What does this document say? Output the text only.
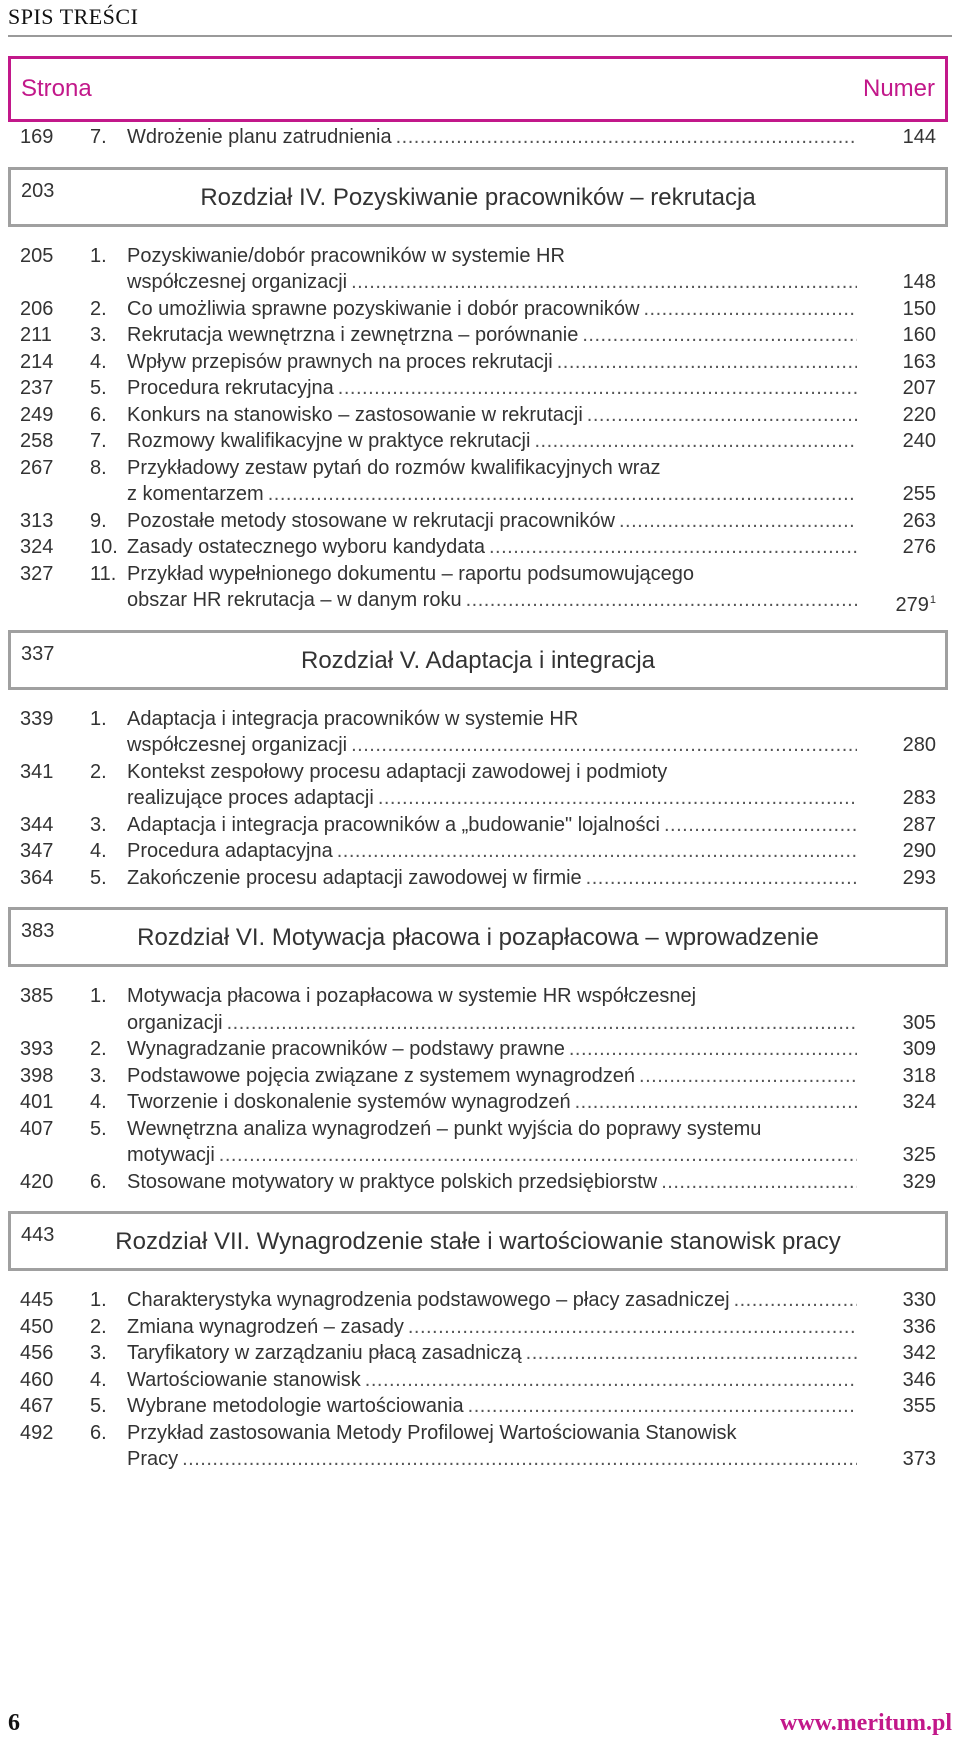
SPIS TREŚCI
Strona	Numer
169 7. Wdrożenie planu zatrudnienia .....	144
203	Rozdział IV. Pozyskiwanie pracowników – rekrutacja
205 1. Pozyskiwanie/dobór pracowników w systemie HR
współczesnej organizacji .....	148
206 2. Co umożliwia sprawne pozyskiwanie i dobór pracowników .....	150
211 3. Rekrutacja wewnętrzna i zewnętrzna – porównanie .....	160
214 4. Wpływ przepisów prawnych na proces rekrutacji .....	163
237 5. Procedura rekrutacyjna .....	207
249 6. Konkurs na stanowisko – zastosowanie w rekrutacji .....	220
258 7. Rozmowy kwalifikacyjne w praktyce rekrutacji .....	240
267 8. Przykładowy zestaw pytań do rozmów kwalifikacyjnych wraz
z komentarzem .....	255
313 9. Pozostałe metody stosowane w rekrutacji pracowników .....	263
324 10. Zasady ostatecznego wyboru kandydata .....	276
327 11. Przykład wypełnionego dokumentu – raportu podsumowującego
obszar HR rekrutacja – w danym roku .....	$279^1$
337	Rozdział V. Adaptacja i integracja
339 1. Adaptacja i integracja pracowników w systemie HR
współczesnej organizacji .....	280
341 2. Kontekst zespołowy procesu adaptacji zawodowej i podmioty
realizujące proces adaptacji .....	283
344 3. Adaptacja i integracja pracowników a „budowanie" lojalności .....	287
347 4. Procedura adaptacyjna .....	290
364 5. Zakończenie procesu adaptacji zawodowej w firmie .....	293
383	Rozdział VI. Motywacja płacowa i pozapłacowa – wprowadzenie
385 1. Motywacja płacowa i pozapłacowa w systemie HR współczesnej
organizacji .....	305
393 2. Wynagradzanie pracowników – podstawy prawne .....	309
398 3. Podstawowe pojęcia związane z systemem wynagrodzeń .....	318
401 4. Tworzenie i doskonalenie systemów wynagrodzeń .....	324
407 5. Wewnętrzna analiza wynagrodzeń – punkt wyjścia do poprawy systemu
motywacji .....	325
420 6. Stosowane motywatory w praktyce polskich przedsiębiorstw .....	329
443	Rozdział VII. Wynagrodzenie stałe i wartościowanie stanowisk pracy
445 1. Charakterystyka wynagrodzenia podstawowego – płacy zasadniczej .....	330
450 2. Zmiana wynagrodzeń – zasady .....	336
456 3. Taryfikatory w zarządzaniu płacą zasadniczą .....	342
460 4. Wartościowanie stanowisk .....	346
467 5. Wybrane metodologie wartościowania .....	355
492 6. Przykład zastosowania Metody Profilowej Wartościowania Stanowisk
Pracy .....	373
6	www.meritum.pl
